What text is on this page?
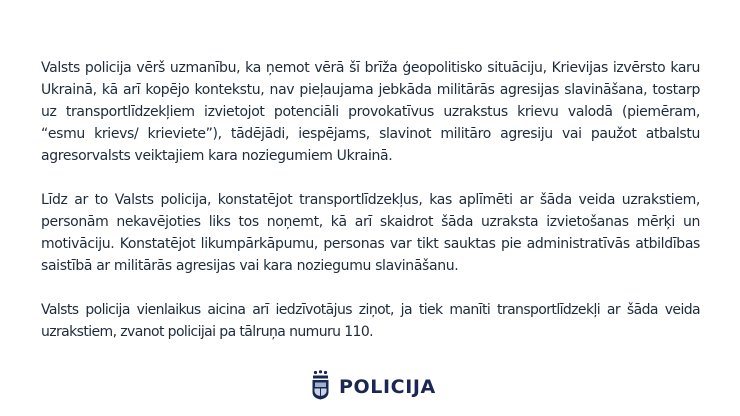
Valsts policija vērš uzmanību, ka ņemot vērā šī brīža ģeopolitisko situāciju, Krievijas izvērsto karu Ukrainā, kā arī kopējo kontekstu, nav pieļaujama jebkāda militārās agresijas slavināšana, tostarp uz transportlīdzekļiem izvietojot potenciāli provokatīvus uzrakstus krievu valodā (piemēram, “esmu krievs/ krieviete”), tādējādi, iespējams, slavinot militāro agresiju vai paužot atbalstu agresorvalsts veiktajiem kara noziegumiem Ukrainā.

Līdz ar to Valsts policija, konstatējot transportlīdzekļus, kas aplīmēti ar šāda veida uzrakstiem, personām nekavējoties liks tos noņemt, kā arī skaidrot šāda uzraksta izvietošanas mērķi un motivāciju. Konstatējot likumpārkāpumu, personas var tikt sauktas pie administratīvās atbildības saistībā ar militārās agresijas vai kara noziegumu slavināšanu.

Valsts policija vienlaikus aicina arī iedzīvotājus ziņot, ja tiek manīti transportlīdzekļi ar šāda veida uzrakstiem, zvanot policijai pa tālruņa numuru 110.

POLICIJA
